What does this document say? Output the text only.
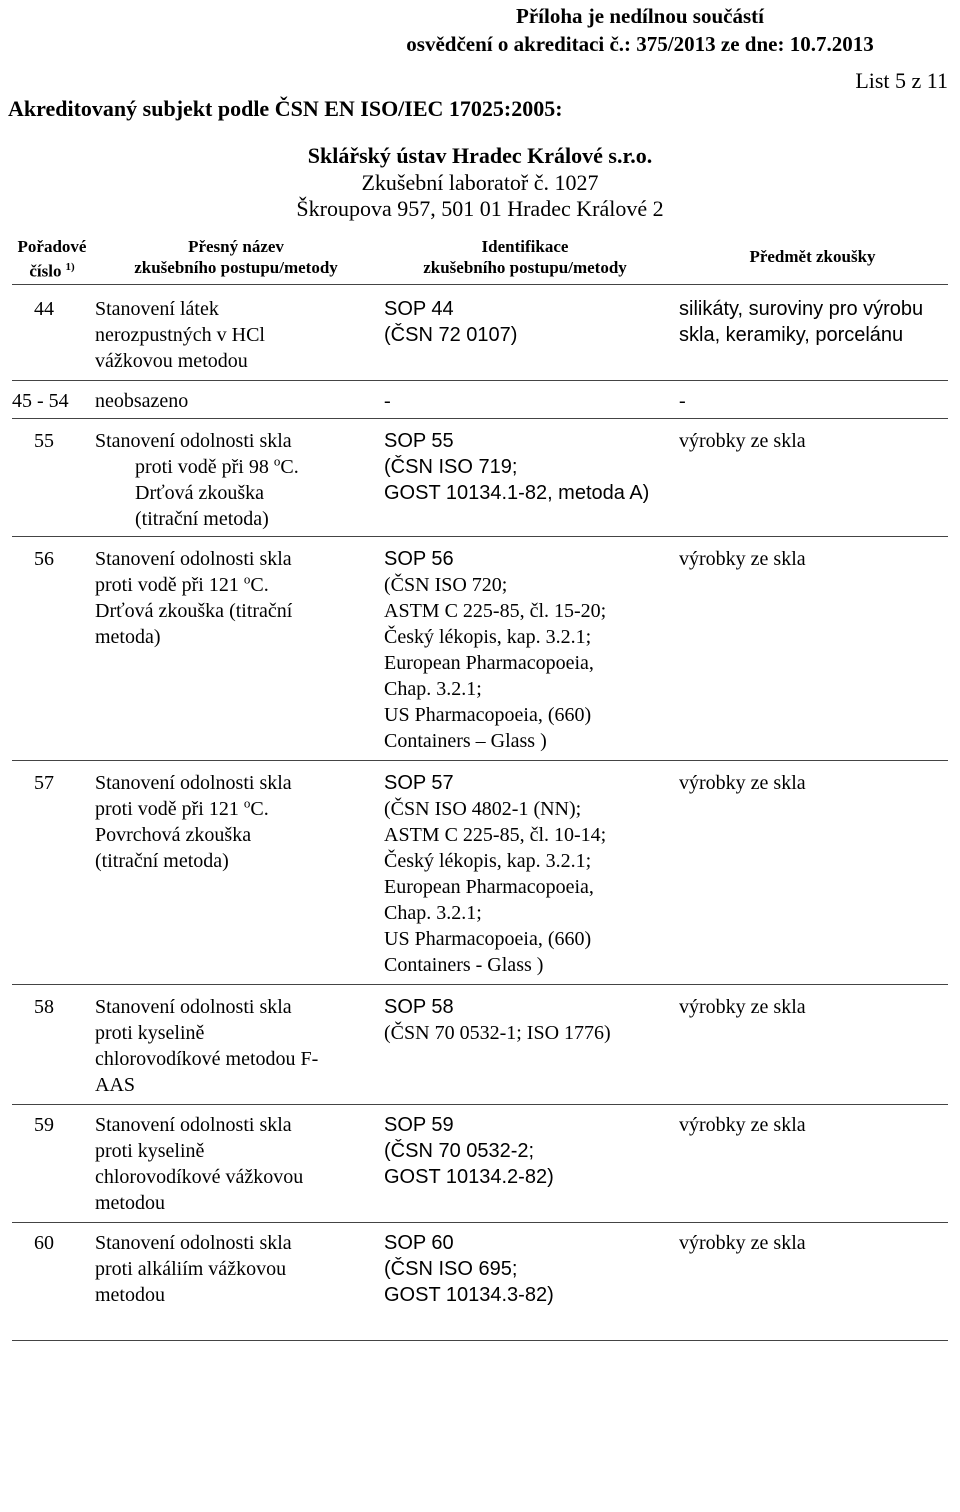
Příloha je nedílnou součástí
osvědčení o akreditaci č.: 375/2013 ze dne: 10.7.2013
List 5 z 11
Akreditovaný subjekt podle ČSN EN ISO/IEC 17025:2005:
Sklářský ústav Hradec Králové s.r.o.
Zkušební laboratoř č. 1027
Škroupova 957, 501 01 Hradec Králové 2
Pořadové
číslo $^{1)}$
Přesný název
zkušebního postupu/metody
Identifikace
zkušebního postupu/metody
Předmět zkoušky
44 Stanovení látek
nerozpustných v HCl
vážkovou metodou
SOP 44
(ČSN 72 0107)
silikáty, suroviny pro výrobu
skla, keramiky, porcelánu
45 - 54 neobsazeno	-	-
55 Stanovení odolnosti skla
proti vodě při 98 $^o$C.
Drťová zkouška
(titrační metoda)
SOP 55
(ČSN ISO 719;
GOST 10134.1-82, metoda A)
výrobky ze skla
56 Stanovení odolnosti skla
proti vodě při 121 $^o$C.
Drťová zkouška (titrační
metoda)
SOP 56
(ČSN ISO 720;
ASTM C 225-85, čl. 15-20;
Český lékopis, kap. 3.2.1;
European Pharmacopoeia,
Chap. 3.2.1;
US Pharmacopoeia, (660)
Containers – Glass )
výrobky ze skla
57 Stanovení odolnosti skla
proti vodě při 121 $^o$C.
Povrchová zkouška
(titrační metoda)
SOP 57
(ČSN ISO 4802-1 (NN);
ASTM C 225-85, čl. 10-14;
Český lékopis, kap. 3.2.1;
European Pharmacopoeia,
Chap. 3.2.1;
US Pharmacopoeia, (660)
Containers - Glass )
výrobky ze skla
58 Stanovení odolnosti skla
proti kyselině
chlorovodíkové metodou F-
AAS
SOP 58
(ČSN 70 0532-1; ISO 1776)
výrobky ze skla
59 Stanovení odolnosti skla
proti kyselině
chlorovodíkové vážkovou
metodou
SOP 59
(ČSN 70 0532-2;
GOST 10134.2-82)
výrobky ze skla
60 Stanovení odolnosti skla
proti alkáliím vážkovou
metodou
SOP 60
(ČSN ISO 695;
GOST 10134.3-82)
výrobky ze skla
